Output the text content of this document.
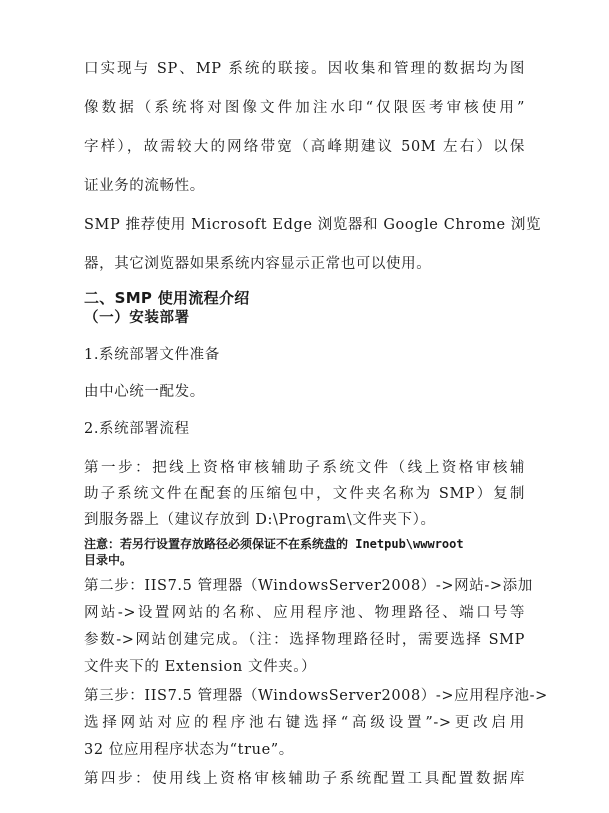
口实现与 SP、MP 系统的联接。因收集和管理的数据均为图
像数据（系统将对图像文件加注水印“仅限医考审核使用”
字样），故需较大的网络带宽（高峰期建议 50M 左右）以保
证业务的流畅性。
SMP 推荐使用 Microsoft Edge 浏览器和 Google Chrome 浏览
器，其它浏览器如果系统内容显示正常也可以使用。
二、SMP 使用流程介绍
（一）安装部署
1.系统部署文件准备
由中心统一配发。
2.系统部署流程
第一步：把线上资格审核辅助子系统文件（线上资格审核辅
助子系统文件在配套的压缩包中，文件夹名称为 SMP）复制
到服务器上（建议存放到 D:\Program\文件夹下）。
注意：若另行设置存放路径必须保证不在系统盘的 Inetpub\wwwroot
目录中。
第二步：IIS7.5 管理器（WindowsServer2008）->网站->添加
网站->设置网站的名称、应用程序池、物理路径、端口号等
参数->网站创建完成。（注：选择物理路径时，需要选择 SMP
文件夹下的 Extension 文件夹。）
第三步：IIS7.5 管理器（WindowsServer2008）->应用程序池->
选择网站对应的程序池右键选择“高级设置”->更改启用
32 位应用程序状态为“true”。
第四步：使用线上资格审核辅助子系统配置工具配置数据库
